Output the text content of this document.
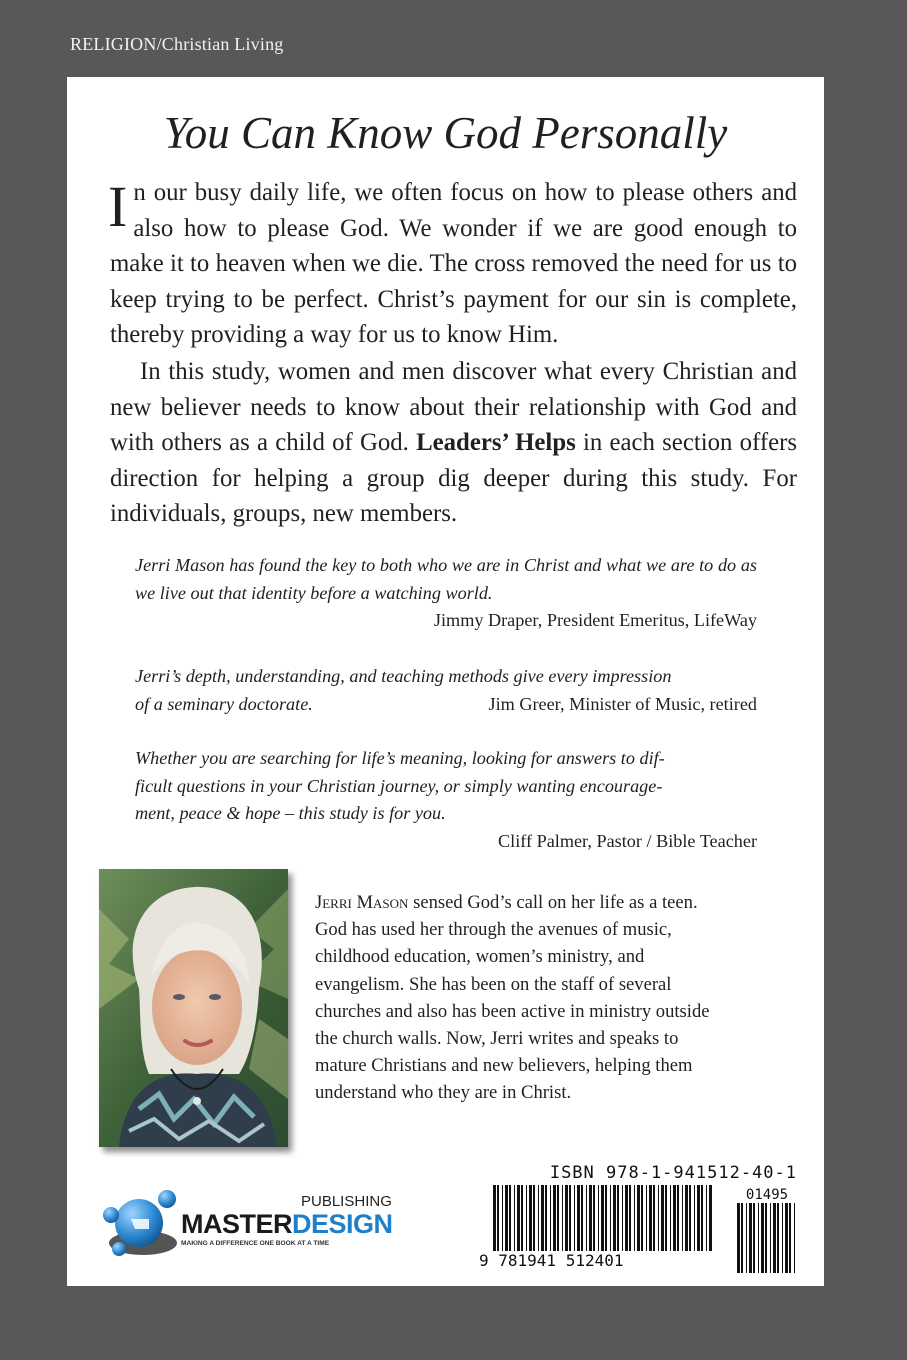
RELIGION/Christian Living
You Can Know God Personally

In our busy daily life, we often focus on how to please others and also how to please God. We wonder if we are good enough to make it to heaven when we die. The cross removed the need for us to keep trying to be perfect. Christ’s payment for our sin is complete, thereby providing a way for us to know Him.

In this study, women and men discover what every Christian and new believer needs to know about their relationship with God and with others as a child of God. Leaders’ Helps in each section offers direction for helping a group dig deeper during this study. For individuals, groups, new members.

Jerri Mason has found the key to both who we are in Christ and what we are to do as we live out that identity before a watching world.
Jimmy Draper, President Emeritus, LifeWay
Jerri’s depth, understanding, and teaching methods give every impression
of a seminary doctorate.	Jim Greer, Minister of Music, retired
Whether you are searching for life’s meaning, looking for answers to dif-
ficult questions in your Christian journey, or simply wanting encourage-
ment, peace & hope – this study is for you.
Cliff Palmer, Pastor / Bible Teacher
Jerri Mason sensed God’s call on her life as a teen. God has used her through the avenues of music, childhood education, women’s ministry, and evangelism. She has been on the staff of several churches and also has been active in ministry outside the church walls. Now, Jerri writes and speaks to mature Christians and new believers, helping them understand who they are in Christ.
PUBLISHING
MASTERDESIGN
MAKING A DIFFERENCE ONE BOOK AT A TIME
ISBN 978-1-941512-40-1
01495
9 781941 512401
